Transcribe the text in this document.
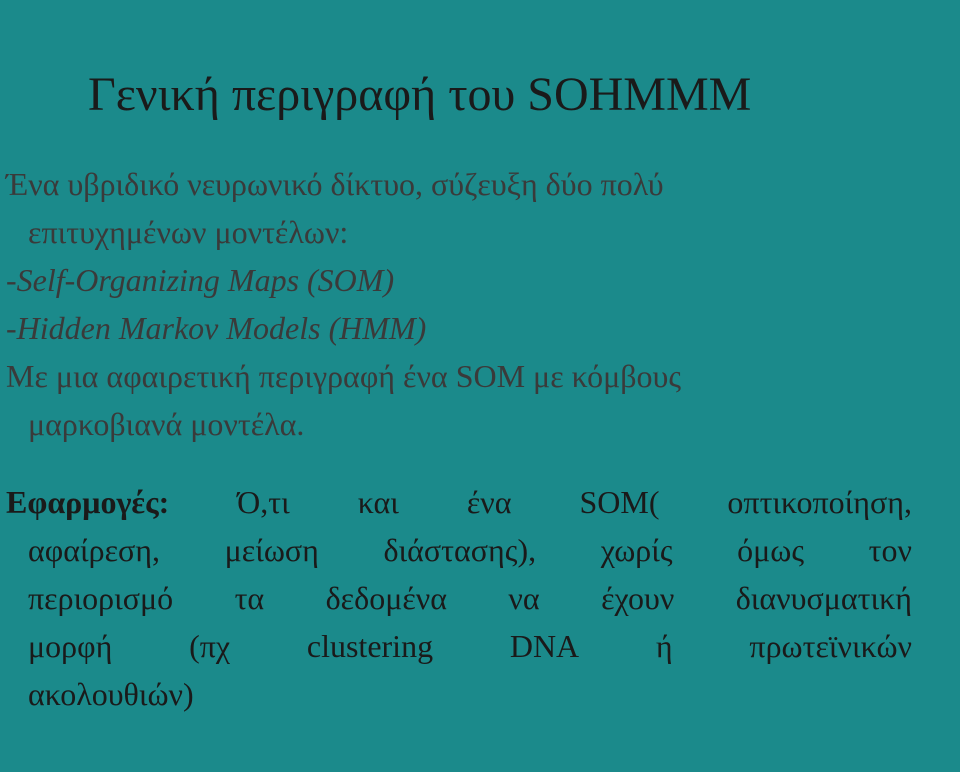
Γενική περιγραφή του SOHMMM
Ένα υβριδικό νευρωνικό δίκτυο, σύζευξη δύο πολύ
επιτυχημένων μοντέλων:
-Self-Organizing Maps (SOM)
-Hidden Markov Models (HMM)
Με μια αφαιρετική περιγραφή ένα SOM με κόμβους
μαρκοβιανά μοντέλα.
Εφαρμογές: Ό,τι και ένα SOM( οπτικοποίηση,
αφαίρεση, μείωση διάστασης), χωρίς όμως τον
περιορισμό τα δεδομένα να έχουν διανυσματική
μορφή (πχ clustering DNA ή πρωτεϊνικών
ακολουθιών)
